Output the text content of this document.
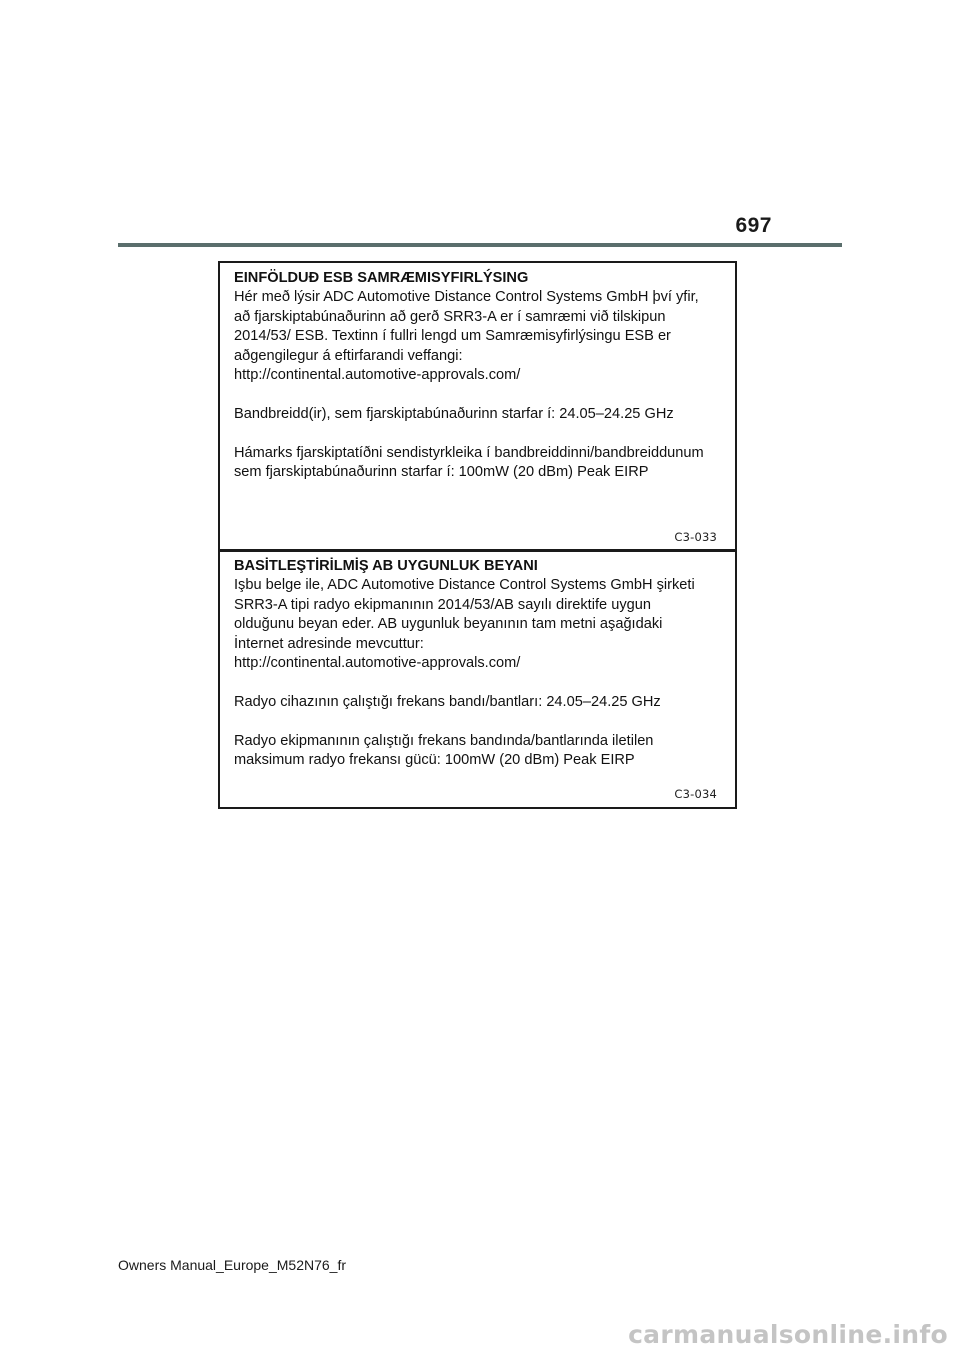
697
EINFÖLDUÐ ESB SAMRÆMISYFIRLÝSING
Hér með lýsir ADC Automotive Distance Control Systems GmbH því yfir,
að fjarskiptabúnaðurinn að gerð SRR3-A er í samræmi við tilskipun
2014/53/ ESB. Textinn í fullri lengd um Samræmisyfirlýsingu ESB er
aðgengilegur á eftirfarandi veffangi:
http://continental.automotive-approvals.com/
Bandbreidd(ir), sem fjarskiptabúnaðurinn starfar í: 24.05–24.25 GHz
Hámarks fjarskiptatíðni sendistyrkleika í bandbreiddinni/bandbreiddunum
sem fjarskiptabúnaðurinn starfar í: 100mW (20 dBm) Peak EIRP
C3-033
BASİTLEŞTİRİLMİŞ AB UYGUNLUK BEYANI
Işbu belge ile, ADC Automotive Distance Control Systems GmbH şirketi
SRR3-A tipi radyo ekipmanının 2014/53/AB sayılı direktife uygun
olduğunu beyan eder. AB uygunluk beyanının tam metni aşağıdaki
İnternet adresinde mevcuttur:
http://continental.automotive-approvals.com/
Radyo cihazının çalıştığı frekans bandı/bantları: 24.05–24.25 GHz
Radyo ekipmanının çalıştığı frekans bandında/bantlarında iletilen
maksimum radyo frekansı gücü: 100mW (20 dBm) Peak EIRP
C3-034
Owners Manual_Europe_M52N76_fr
carmanualsonline.info
